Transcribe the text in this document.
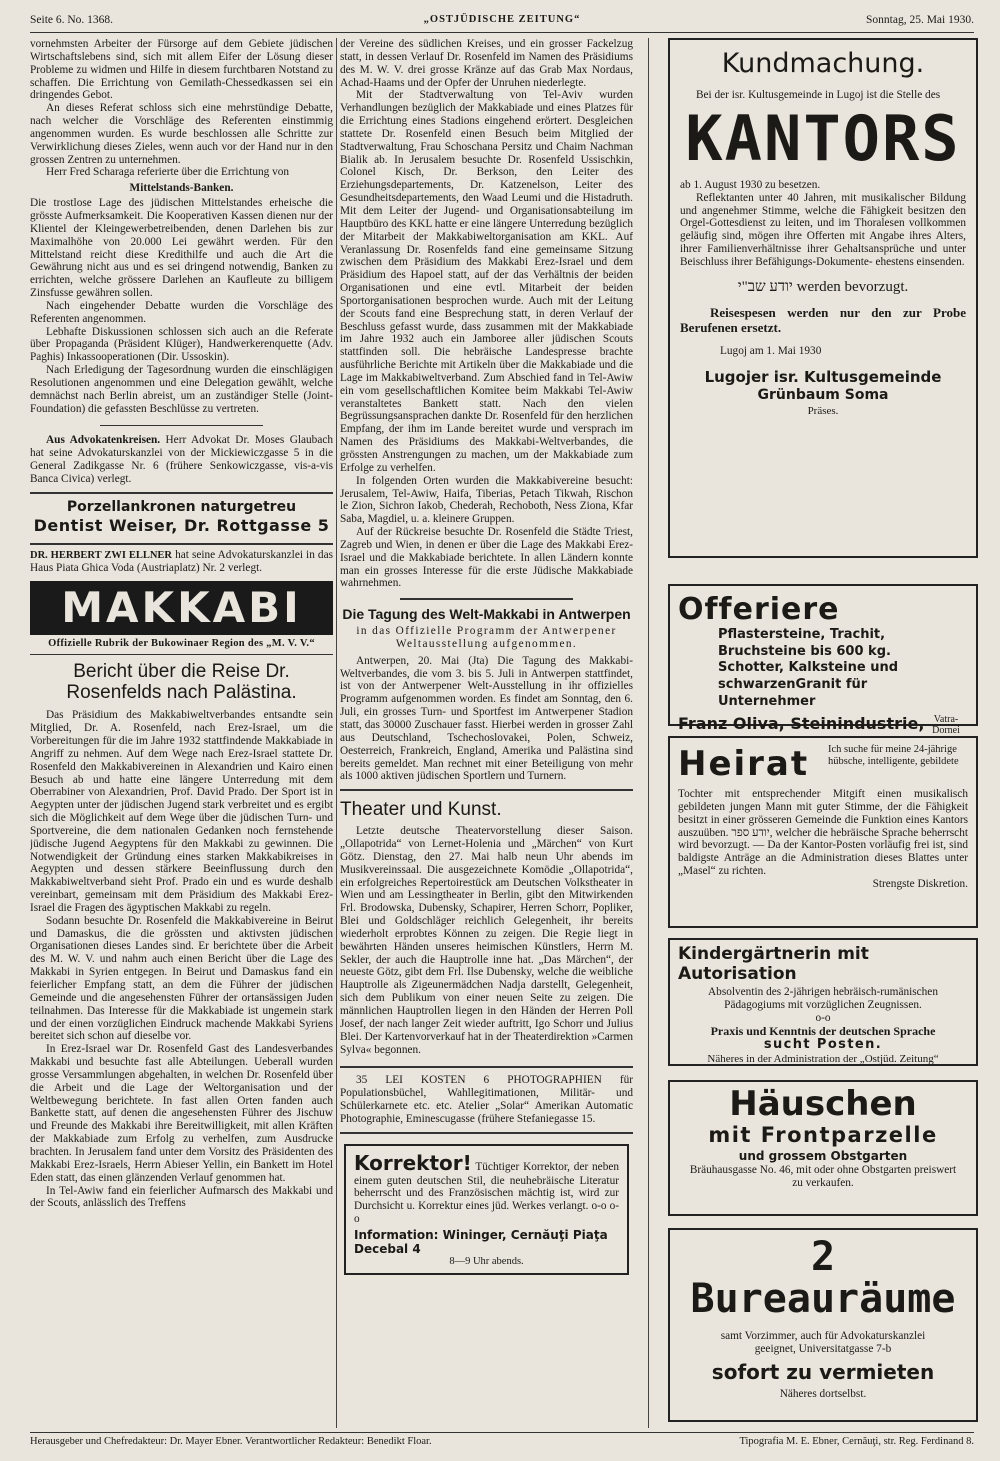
Seite 6. No. 1368.	„OSTJÜDISCHE ZEITUNG“	Sonntag, 25. Mai 1930.

vornehmsten Arbeiter der Fürsorge auf dem Gebiete jüdischen Wirtschaftslebens sind, sich mit allem Eifer der Lösung dieser Probleme zu widmen und Hilfe in diesem furchtbaren Notstand zu schaffen. Die Errichtung von Gemilath-Chessedkassen sei ein dringendes Gebot.

An dieses Referat schloss sich eine mehrstündige Debatte, nach welcher die Vorschläge des Referenten einstimmig angenommen wurden. Es wurde beschlossen alle Schritte zur Verwirklichung dieses Zieles, wenn auch vor der Hand nur in den grossen Zentren zu unternehmen.

Herr Fred Scharaga referierte über die Errichtung von

Mittelstands-Banken.

Die trostlose Lage des jüdischen Mittelstandes erheische die grösste Aufmerksamkeit. Die Kooperativen Kassen dienen nur der Klientel der Kleingewerbetreibenden, denen Darlehen bis zur Maximalhöhe von 20.000 Lei gewährt werden. Für den Mittelstand reicht diese Kredithilfe und auch die Art die Gewährung nicht aus und es sei dringend notwendig, Banken zu errichten, welche grössere Darlehen an Kaufleute zu billigem Zinsfusse gewähren sollen.

Nach eingehender Debatte wurden die Vorschläge des Referenten angenommen.

Lebhafte Diskussionen schlossen sich auch an die Referate über Propaganda (Präsident Klüger), Handwerkerenquette (Adv. Paghis) Inkassooperationen (Dir. Ussoskin).

Nach Erledigung der Tagesordnung wurden die einschlägigen Resolutionen angenommen und eine Delegation gewählt, welche demnächst nach Berlin abreist, um an zuständiger Stelle (Joint-Foundation) die gefassten Beschlüsse zu vertreten.

Aus Advokatenkreisen. Herr Advokat Dr. Moses Glaubach hat seine Advokaturskanzlei von der Mickiewiczgasse 5 in die General Zadikgasse Nr. 6 (frühere Senkowiczgasse, vis-a-vis Banca Civica) verlegt.

Porzellankronen naturgetreu
Dentist Weiser, Dr. Rottgasse 5

DR. HERBERT ZWI ELLNER hat seine Advokaturskanzlei in das Haus Piata Ghica Voda (Austriaplatz) Nr. 2 verlegt.

MAKKABI
Offizielle Rubrik der Bukowinaer Region des „M. V. V.“
Bericht über die Reise Dr. Rosenfelds nach Palästina.

Das Präsidium des Makkabiweltverbandes entsandte sein Mitglied, Dr. A. Rosenfeld, nach Erez-Israel, um die Vorbereitungen für die im Jahre 1932 stattfindende Makkabiade in Angriff zu nehmen. Auf dem Wege nach Erez-Israel stattete Dr. Rosenfeld den Makkabivereinen in Alexandrien und Kairo einen Besuch ab und hatte eine längere Unterredung mit dem Oberrabiner von Alexandrien, Prof. David Prado. Der Sport ist in Aegypten unter der jüdischen Jugend stark verbreitet und es ergibt sich die Möglichkeit auf dem Wege über die jüdischen Turn- und Sportvereine, die dem nationalen Gedanken noch fernstehende jüdische Jugend Aegyptens für den Makkabi zu gewinnen. Die Notwendigkeit der Gründung eines starken Makkabikreises in Aegypten und dessen stärkere Beeinflussung durch den Makkabiweltverband sieht Prof. Prado ein und es wurde deshalb vereinbart, gemeinsam mit dem Präsidium des Makkabi Erez-Israel die Fragen des ägyptischen Makkabi zu regeln.

Sodann besuchte Dr. Rosenfeld die Makkabivereine in Beirut und Damaskus, die die grössten und aktivsten jüdischen Organisationen dieses Landes sind. Er berichtete über die Arbeit des M. W. V. und nahm auch einen Bericht über die Lage des Makkabi in Syrien entgegen. In Beirut und Damaskus fand ein feierlicher Empfang statt, an dem die Führer der jüdischen Gemeinde und die angesehensten Führer der ortansässigen Juden teilnahmen. Das Interesse für die Makkabiade ist ungemein stark und der einen vorzüglichen Eindruck machende Makkabi Syriens bereitet sich schon auf dieselbe vor.

In Erez-Israel war Dr. Rosenfeld Gast des Landesverbandes Makkabi und besuchte fast alle Abteilungen. Ueberall wurden grosse Versammlungen abgehalten, in welchen Dr. Rosenfeld über die Arbeit und die Lage der Weltorganisation und der Weltbewegung berichtete. In fast allen Orten fanden auch Bankette statt, auf denen die angesehensten Führer des Jischuw und Freunde des Makkabi ihre Bereitwilligkeit, mit allen Kräften der Makkabiade zum Erfolg zu verhelfen, zum Ausdrucke brachten. In Jerusalem fand unter dem Vorsitz des Präsidenten des Makkabi Erez-Israels, Herrn Abieser Yellin, ein Bankett im Hotel Eden statt, das einen glänzenden Verlauf genommen hat.

In Tel-Awiw fand ein feierlicher Aufmarsch des Makkabi und der Scouts, anlässlich des Treffens

der Vereine des südlichen Kreises, und ein grosser Fackelzug statt, in dessen Verlauf Dr. Rosenfeld im Namen des Präsidiums des M. W. V. drei grosse Kränze auf das Grab Max Nordaus, Achad-Haams und der Opfer der Unruhen niederlegte.

Mit der Stadtverwaltung von Tel-Aviv wurden Verhandlungen bezüglich der Makkabiade und eines Platzes für die Errichtung eines Stadions eingehend erörtert. Desgleichen stattete Dr. Rosenfeld einen Besuch beim Mitglied der Stadtverwaltung, Frau Schoschana Persitz und Chaim Nachman Bialik ab. In Jerusalem besuchte Dr. Rosenfeld Ussischkin, Colonel Kisch, Dr. Berkson, den Leiter des Erziehungsdepartements, Dr. Katzenelson, Leiter des Gesundheitsdepartements, den Waad Leumi und die Histadruth. Mit dem Leiter der Jugend- und Organisationsabteilung im Hauptbüro des KKL hatte er eine längere Unterredung bezüglich der Mitarbeit der Makkabiweltorganisation am KKL. Auf Veranlassung Dr. Rosenfelds fand eine gemeinsame Sitzung zwischen dem Präsidium des Makkabi Erez-Israel und dem Präsidium des Hapoel statt, auf der das Verhältnis der beiden Organisationen und eine evtl. Mitarbeit der beiden Sportorganisationen besprochen wurde. Auch mit der Leitung der Scouts fand eine Besprechung statt, in deren Verlauf der Beschluss gefasst wurde, dass zusammen mit der Makkabiade im Jahre 1932 auch ein Jamboree aller jüdischen Scouts stattfinden soll. Die hebräische Landespresse brachte ausführliche Berichte mit Artikeln über die Makkabiade und die Lage im Makkabiweltverband. Zum Abschied fand in Tel-Awiw ein vom gesellschaftlichen Komitee beim Makkabi Tel-Awiw veranstaltetes Bankett statt. Nach den vielen Begrüssungsansprachen dankte Dr. Rosenfeld für den herzlichen Empfang, der ihm im Lande bereitet wurde und versprach im Namen des Präsidiums des Makkabi-Weltverbandes, die grössten Anstrengungen zu machen, um der Makkabiade zum Erfolge zu verhelfen.

In folgenden Orten wurden die Makkabivereine besucht: Jerusalem, Tel-Awiw, Haifa, Tiberias, Petach Tikwah, Rischon le Zion, Sichron Iakob, Chederah, Rechoboth, Ness Ziona, Kfar Saba, Magdiel, u. a. kleinere Gruppen.

Auf der Rückreise besuchte Dr. Rosenfeld die Städte Triest, Zagreb und Wien, in denen er über die Lage des Makkabi Erez-Israel und die Makkabiade berichtete. In allen Ländern konnte man ein grosses Interesse für die erste Jüdische Makkabiade wahrnehmen.

Die Tagung des Welt-Makkabi in Antwerpen

in das Offizielle Programm der Antwerpener Weltausstellung aufgenommen.

Antwerpen, 20. Mai (Jta) Die Tagung des Makkabi-Weltverbandes, die vom 3. bis 5. Juli in Antwerpen stattfindet, ist von der Antwerpener Welt-Ausstellung in ihr offizielles Programm aufgenommen worden. Es findet am Sonntag, den 6. Juli, ein grosses Turn- und Sportfest im Antwerpener Stadion statt, das 30000 Zuschauer fasst. Hierbei werden in grosser Zahl aus Deutschland, Tschechoslovakei, Polen, Schweiz, Oesterreich, Frankreich, England, Amerika und Palästina sind bereits gemeldet. Man rechnet mit einer Beteiligung von mehr als 1000 aktiven jüdischen Sportlern und Turnern.

Theater und Kunst.

Letzte deutsche Theatervorstellung dieser Saison. „Ollapotrida“ von Lernet-Holenia und „Märchen“ von Kurt Götz. Dienstag, den 27. Mai halb neun Uhr abends im Musikvereinssaal. Die ausgezeichnete Komödie „Ollapotrida“, ein erfolgreiches Repertoirestück am Deutschen Volkstheater in Wien und am Lessingtheater in Berlin, gibt den Mitwirkenden Frl. Brodowska, Dubensky, Schapirer, Herren Schorr, Popliker, Blei und Goldschläger reichlich Gelegenheit, ihr bereits wiederholt erprobtes Können zu zeigen. Die Regie liegt in bewährten Händen unseres heimischen Künstlers, Herrn M. Sekler, der auch die Hauptrolle inne hat. „Das Märchen“, der neueste Götz, gibt dem Frl. Ilse Dubensky, welche die weibliche Hauptrolle als Zigeunermädchen Nadja darstellt, Gelegenheit, sich dem Publikum von einer neuen Seite zu zeigen. Die männlichen Hauptrollen liegen in den Händen der Herren Poll Josef, der nach langer Zeit wieder auftritt, Igo Schorr und Julius Blei. Der Kartenvorverkauf hat in der Theaterdirektion »Carmen Sylva« begonnen.

35 LEI KOSTEN 6 PHOTOGRAPHIEN für Populationsbüchel, Wahllegitimationen, Militär- und Schülerkarnete etc. etc. Atelier „Solar“ Amerikan Automatic Photographie, Eminescugasse (frühere Stefaniegasse 15.

Korrektor! Tüchtiger Korrektor, der neben einem guten deutschen Stil, die neuhebräische Literatur beherrscht und des Französischen mächtig ist, wird zur Durchsicht u. Korrektur eines jüd. Werkes verlangt. o-o o-o

Information: Wininger, Cernăuţi Piaţa Decebal 4
8—9 Uhr abends.
Kundmachung.

Bei der isr. Kultusgemeinde in Lugoj ist die Stelle des

KANTORS

ab 1. August 1930 zu besetzen.

Reflektanten unter 40 Jahren, mit musikalischer Bildung und angenehmer Stimme, welche die Fähigkeit besitzen den Orgel-Gottesdienst zu leiten, und im Thoralesen vollkommen geläufig sind, mögen ihre Offerten mit Angabe ihres Alters, ihrer Familienverhältnisse ihrer Gehaltsansprüche und unter Beischluss ihrer Befähigungs-Dokumente- ehestens einsenden.

יודע שב"י werden bevorzugt.

Reisespesen werden nur den zur Probe Berufenen ersetzt.

Lugoj am 1. Mai 1930

Lugojer isr. Kultusgemeinde
Grünbaum Soma
Präses.
Offeriere
Pflastersteine, Trachit,
Bruchsteine bis 600 kg.
Schotter, Kalksteine und
schwarzenGranit für Unternehmer
Franz Oliva, Steinindustrie, Vatra-Dornei
Heirat Ich suche für meine 24-jährige hübsche, intelligente, gebildete

Tochter mit entsprechender Mitgift einen musikalisch gebildeten jungen Mann mit guter Stimme, der die Fähigkeit besitzt in einer grösseren Gemeinde die Funktion eines Kantors auszuüben. יודע ספר, welcher die hebräische Sprache beherrscht wird bevorzugt. — Da der Kantor-Posten vorläufig frei ist, sind baldigste Anträge an die Administration dieses Blattes unter „Masel“ zu richten.

Strengste Diskretion.

Kindergärtnerin mit Autorisation

Absolventin des 2-jährigen hebräisch-rumänischen Pädagogiums mit vorzüglichen Zeugnissen.

o-o

Praxis und Kenntnis der deutschen Sprache

sucht Posten.

Näheres in der Administration der „Ostjüd. Zeitung“

Häuschen
mit Frontparzelle
und grossem Obstgarten

Bräuhausgasse No. 46, mit oder ohne Obstgarten preiswert zu verkaufen.

2 Bureauräume

samt Vorzimmer, auch für Advokaturskanzlei geeignet, Universitatgasse 7-b

sofort zu vermieten

Näheres dortselbst.

Herausgeber und Chefredakteur: Dr. Mayer Ebner. Verantwortlicher Redakteur: Benedikt Floar.	Tipografia M. E. Ebner, Cernăuţi, str. Reg. Ferdinand 8.
